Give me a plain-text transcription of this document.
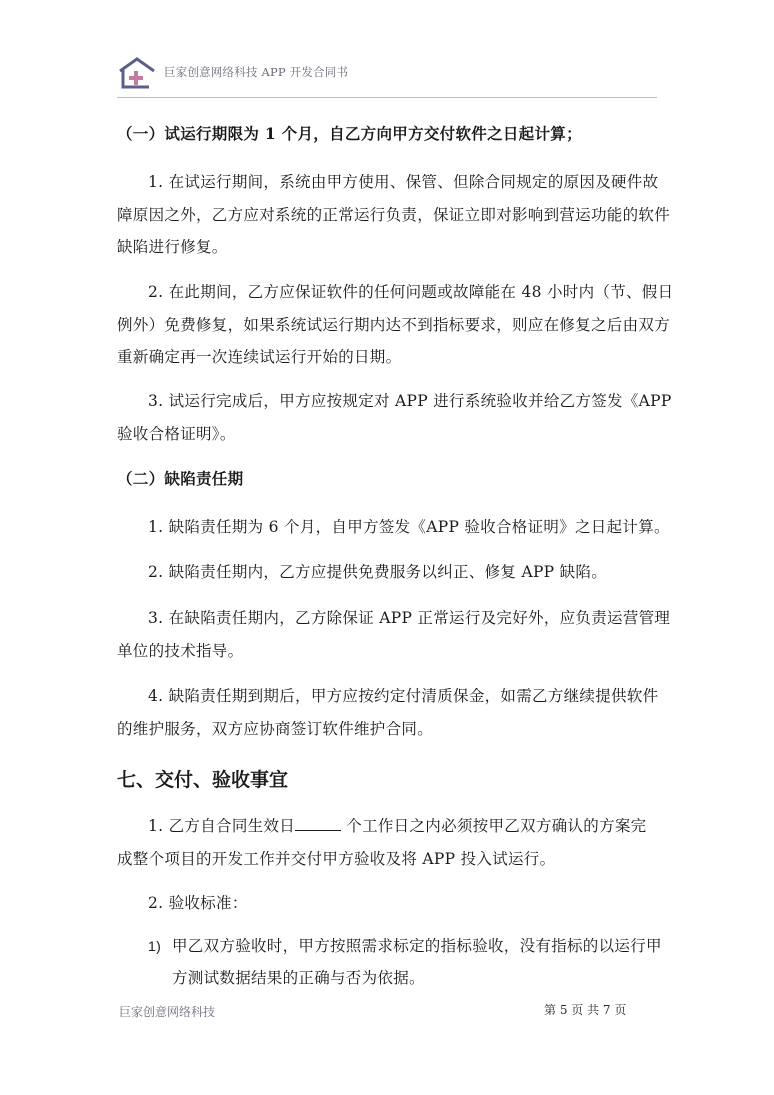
巨家创意网络科技 APP 开发合同书
（一）试运行期限为 1 个月，自乙方向甲方交付软件之日起计算；
1. 在试运行期间，系统由甲方使用、保管、但除合同规定的原因及硬件故
障原因之外，乙方应对系统的正常运行负责，保证立即对影响到营运功能的软件
缺陷进行修复。
2. 在此期间，乙方应保证软件的任何问题或故障能在 48 小时内（节、假日
例外）免费修复，如果系统试运行期内达不到指标要求，则应在修复之后由双方
重新确定再一次连续试运行开始的日期。
3. 试运行完成后，甲方应按规定对 APP 进行系统验收并给乙方签发《APP
验收合格证明》。
（二）缺陷责任期
1. 缺陷责任期为 6 个月，自甲方签发《APP 验收合格证明》之日起计算。
2. 缺陷责任期内，乙方应提供免费服务以纠正、修复 APP 缺陷。
3. 在缺陷责任期内，乙方除保证 APP 正常运行及完好外，应负责运营管理
单位的技术指导。
4. 缺陷责任期到期后，甲方应按约定付清质保金，如需乙方继续提供软件
的维护服务，双方应协商签订软件维护合同。
七、交付、验收事宜
1. 乙方自合同生效日	个工作日之内必须按甲乙双方确认的方案完
成整个项目的开发工作并交付甲方验收及将 APP 投入试运行。
2. 验收标准：
1) 甲乙双方验收时，甲方按照需求标定的指标验收，没有指标的以运行甲
方测试数据结果的正确与否为依据。
巨家创意网络科技	第 5 页 共 7 页
